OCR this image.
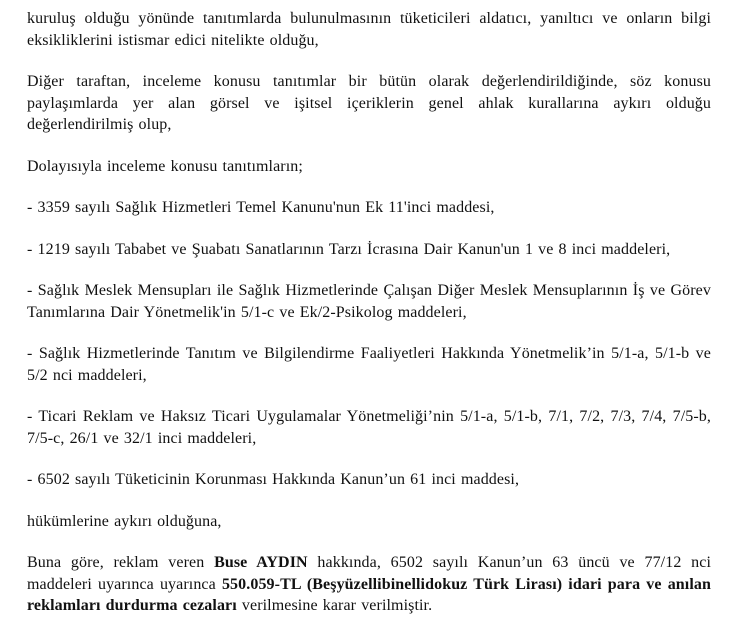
kuruluş olduğu yönünde tanıtımlarda bulunulmasının tüketicileri aldatıcı, yanıltıcı ve onların bilgi eksikliklerini istismar edici nitelikte olduğu,

Diğer taraftan, inceleme konusu tanıtımlar bir bütün olarak değerlendirildiğinde, söz konusu paylaşımlarda yer alan görsel ve işitsel içeriklerin genel ahlak kurallarına aykırı olduğu değerlendirilmiş olup,

Dolayısıyla inceleme konusu tanıtımların;

- 3359 sayılı Sağlık Hizmetleri Temel Kanunu'nun Ek 11'inci maddesi,

- 1219 sayılı Tababet ve Şuabatı Sanatlarının Tarzı İcrasına Dair Kanun'un 1 ve 8 inci maddeleri,

- Sağlık Meslek Mensupları ile Sağlık Hizmetlerinde Çalışan Diğer Meslek Mensuplarının İş ve Görev Tanımlarına Dair Yönetmelik'in 5/1-c ve Ek/2-Psikolog maddeleri,

- Sağlık Hizmetlerinde Tanıtım ve Bilgilendirme Faaliyetleri Hakkında Yönetmelik’in 5/1-a, 5/1-b ve 5/2 nci maddeleri,

- Ticari Reklam ve Haksız Ticari Uygulamalar Yönetmeliği’nin 5/1-a, 5/1-b, 7/1, 7/2, 7/3, 7/4, 7/5-b, 7/5-c, 26/1 ve 32/1 inci maddeleri,

- 6502 sayılı Tüketicinin Korunması Hakkında Kanun’un 61 inci maddesi,

hükümlerine aykırı olduğuna,

Buna göre, reklam veren Buse AYDIN hakkında, 6502 sayılı Kanun’un 63 üncü ve 77/12 nci maddeleri uyarınca uyarınca 550.059-TL (Beşyüzellibinellidokuz Türk Lirası) idari para ve anılan reklamları durdurma cezaları verilmesine karar verilmiştir.
